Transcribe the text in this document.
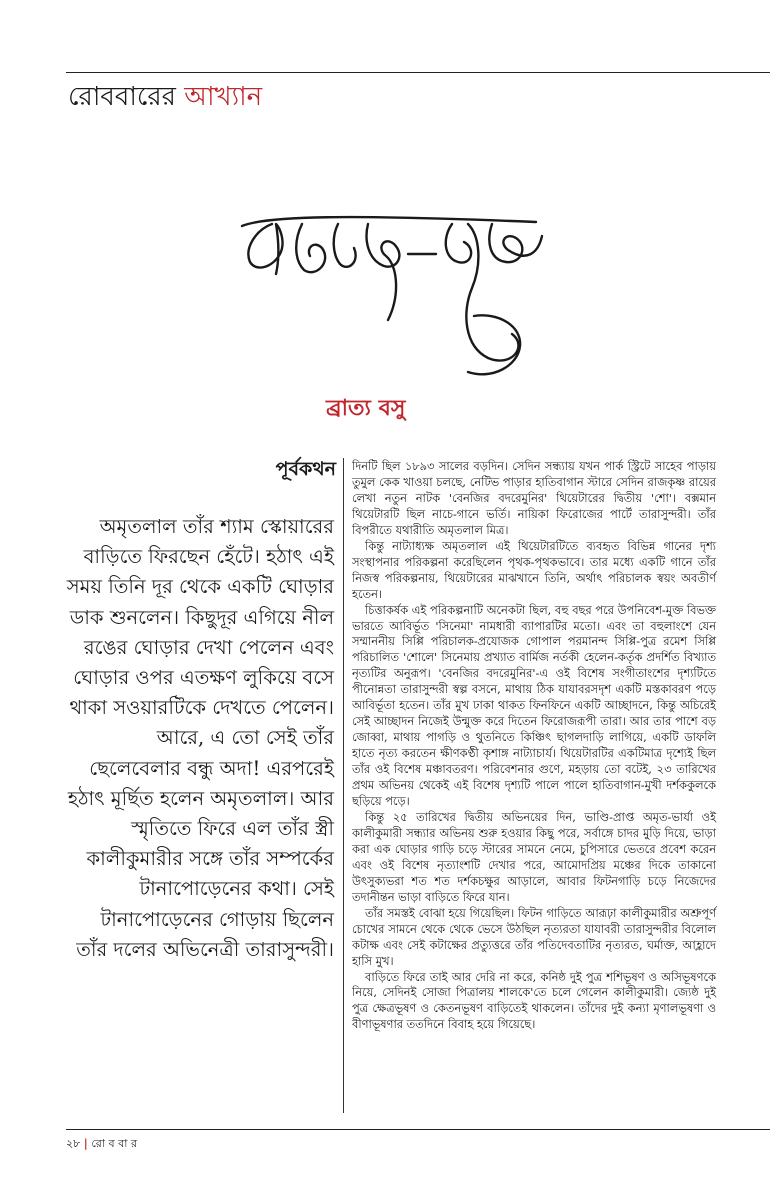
রোববারের আখ্যান
ব্রাত্য বসু
পূর্বকথন

অমৃতলাল তাঁর শ্যাম স্কোয়ারের বাড়িতে ফিরছেন হেঁটে। হঠাৎ এই সময় তিনি দূর থেকে একটি ঘোড়ার ডাক শুনলেন। কিছুদূর এগিয়ে নীল রঙের ঘোড়ার দেখা পেলেন এবং ঘোড়ার ওপর এতক্ষণ লুকিয়ে বসে থাকা সওয়ারটিকে দেখতে পেলেন। আরে, এ তো সেই তাঁর ছেলেবেলার বন্ধু অদা! এরপরেই হঠাৎ মূর্ছিত হলেন অমৃতলাল। আর স্মৃতিতে ফিরে এল তাঁর স্ত্রী কালীকুমারীর সঙ্গে তাঁর সম্পর্কের টানাপোড়েনের কথা। সেই টানাপোড়েনের গোড়ায় ছিলেন তাঁর দলের অভিনেত্রী তারাসুন্দরী।

দিনটি ছিল ১৮৯৩ সালের বড়দিন। সেদিন সন্ধ্যায় যখন পার্ক স্ট্রিটে সাহেব পাড়ায় তুমুল কেক খাওয়া চলছে, নেটিভ পাড়ার হাতিবাগান স্টারে সেদিন রাজকৃষ্ণ রায়ের লেখা নতুন নাটক 'বেনজির বদরেমুনির' থিয়েটারের দ্বিতীয় 'শো'। বক্সমান থিয়েটারটি ছিল নাচে-গানে ভর্তি। নায়িকা ফিরোজের পার্টে তারাসুন্দরী। তাঁর বিপরীতে যথারীতি অমৃতলাল মিত্র।

কিন্তু নাট্যাধ্যক্ষ অমৃতলাল এই থিয়েটারটিতে ব্যবহৃত বিভিন্ন গানের দৃশ্য সংস্থাপনার পরিকল্পনা করেছিলেন পৃথক-পৃথকভাবে। তার মধ্যে একটি গানে তাঁর নিজস্ব পরিকল্পনায়, থিয়েটারের মাঝখানে তিনি, অর্থাৎ পরিচালক স্বয়ং অবতীর্ণ হতেন।

চিত্তাকর্ষক এই পরিকল্পনাটি অনেকটা ছিল, বহু বছর পরে উপনিবেশ-মুক্ত বিভক্ত ভারতে আবির্ভূত 'সিনেমা' নামধারী ব্যাপারটির মতো। এবং তা বহুলাংশে যেন সম্মাননীয় সিপ্পি পরিচালক-প্রযোজক গোপাল পরমানন্দ সিপ্পি-পুত্র রমেশ সিপ্পি পরিচালিত 'শোলে' সিনেমায় প্রখ্যাত বার্মিজ নর্তকী হেলেন-কর্তৃক প্রদর্শিত বিখ্যাত নৃত্যটির অনুরূপ। 'বেনজির বদরেমুনির'-এ ওই বিশেষ সংগীতাংশের দৃশ্যটিতে পীনোন্নতা তারাসুন্দরী স্বল্প বসনে, মাথায় ঠিক যাযাবরসদৃশ একটি মস্তকাবরণ পড়ে আবির্ভূতা হতেন। তাঁর মুখ ঢাকা থাকত ফিনফিনে একটি আচ্ছাদনে, কিন্তু অচিরেই সেই আচ্ছাদন নিজেই উন্মুক্ত করে দিতেন ফিরোজরূপী তারা। আর তার পাশে বড় জোব্বা, মাথায় পাগড়ি ও থুতনিতে কিঞ্চিৎ ছাগলদাড়ি লাগিয়ে, একটি ডাফলি হাতে নৃত্য করতেন ক্ষীণকণ্ঠী কৃশাঙ্গ নাট্যাচার্য। থিয়েটারটির একটিমাত্র দৃশ্যেই ছিল তাঁর ওই বিশেষ মঞ্চাবতরণ। পরিবেশনার গুণে, মহড়ায় তো বটেই, ২৩ তারিখের প্রথম অভিনয় থেকেই এই বিশেষ দৃশ্যটি পালে পালে হাতিবাগান-মুখী দর্শককুলকে ছড়িয়ে পড়ে।

কিন্তু ২৫ তারিখের দ্বিতীয় অভিনয়ের দিন, ভাণ্ডি-প্রাপ্ত অমৃত-ভার্যা ওই কালীকুমারী সন্ধ্যার অভিনয় শুরু হওয়ার কিছু পরে, সর্বাঙ্গে চাদর মুড়ি দিয়ে, ভাড়া করা এক ঘোড়ার গাড়ি চড়ে স্টারের সামনে নেমে, চুপিসারে ভেতরে প্রবেশ করেন এবং ওই বিশেষ নৃত্যাংশটি দেখার পরে, আমোদপ্রিয় মঞ্চের দিকে তাকানো উৎসুক্যভরা শত শত দর্শকচক্ষুর আড়ালে, আবার ফিটনগাড়ি চড়ে নিজেদের তদানীন্তন ভাড়া বাড়িতে ফিরে যান।

তাঁর সমস্তই বোঝা হয়ে গিয়েছিল। ফিটন গাড়িতে আরূঢ়া কালীকুমারীর অশ্রুপূর্ণ চোখের সামনে থেকে থেকে ভেসে উঠছিল নৃত্যরতা যাযাবরী তারাসুন্দরীর বিলোল কটাক্ষ এবং সেই কটাক্ষের প্রত্যুত্তরে তাঁর পতিদেবতাটির নৃত্যরত, ঘর্মাক্ত, আহ্লাদে হাসি মুখ।

বাড়িতে ফিরে তাই আর দেরি না করে, কনিষ্ঠ দুই পুত্র শশিভূষণ ও অসিভূষণকে নিয়ে, সেদিনই সোজা পিত্রালয় শালকে'তে চলে গেলেন কালীকুমারী। জ্যেষ্ঠ দুই পুত্র ক্ষেত্রভূষণ ও কেতনভূষণ বাড়িতেই থাকলেন। তাঁদের দুই কন্যা মৃণালভূষণা ও বীণাভূষণার ততদিনে বিবাহ হয়ে গিয়েছে।

২৮ | রো ব বা র
